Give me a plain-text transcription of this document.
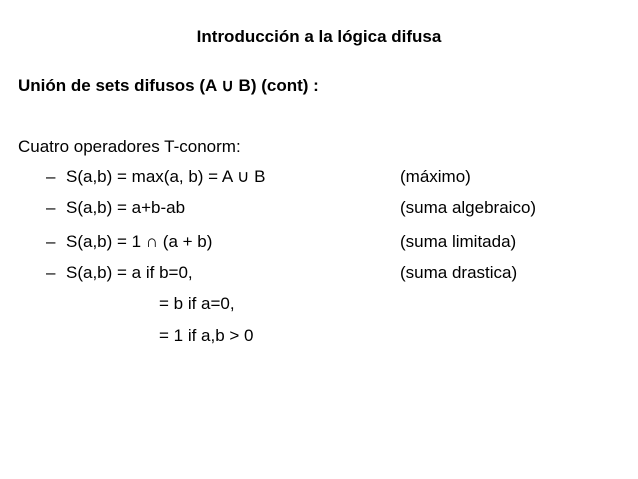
Introducción a la lógica difusa
Unión de sets difusos (A ∪ B) (cont) :
Cuatro operadores T-conorm:
– S(a,b) = max(a, b) = A ∪ B	(máximo)
– S(a,b) = a+b-ab	(suma algebraico)
– S(a,b) = 1 ∩ (a + b)	(suma limitada)
– S(a,b) = a if b=0,	(suma drastica)
= b if a=0,
= 1 if a,b > 0
